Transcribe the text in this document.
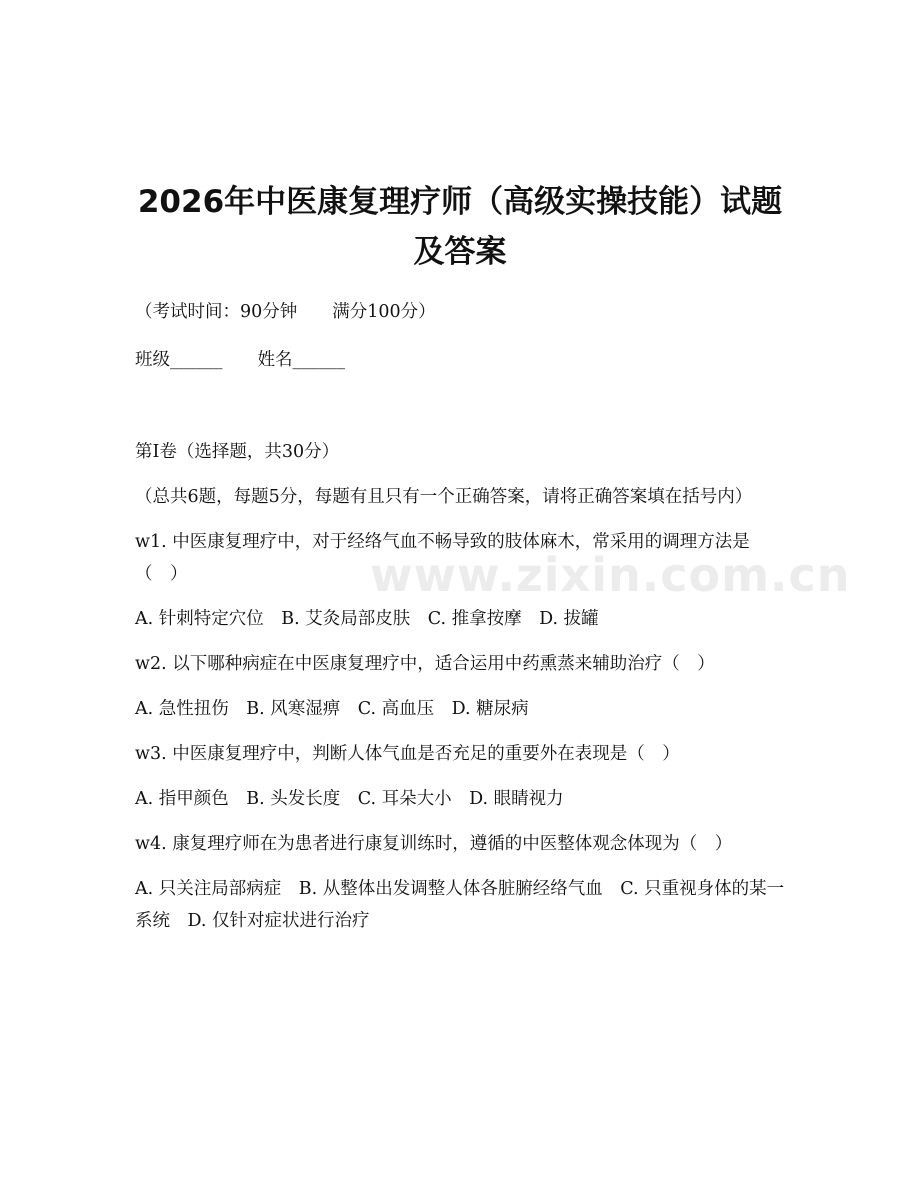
www.zixin.com.cn
2026年中医康复理疗师（高级实操技能）试题及答案

（考试时间：90分钟　　满分100分）

班级______　　姓名______

第I卷（选择题，共30分）

（总共6题，每题5分，每题有且只有一个正确答案，请将正确答案填在括号内）

w1. 中医康复理疗中，对于经络气血不畅导致的肢体麻木，常采用的调理方法是（　）

A. 针刺特定穴位　B. 艾灸局部皮肤　C. 推拿按摩　D. 拔罐

w2. 以下哪种病症在中医康复理疗中，适合运用中药熏蒸来辅助治疗（　）

A. 急性扭伤　B. 风寒湿痹　C. 高血压　D. 糖尿病

w3. 中医康复理疗中，判断人体气血是否充足的重要外在表现是（　）

A. 指甲颜色　B. 头发长度　C. 耳朵大小　D. 眼睛视力

w4. 康复理疗师在为患者进行康复训练时，遵循的中医整体观念体现为（　）

A. 只关注局部病症　B. 从整体出发调整人体各脏腑经络气血　C. 只重视身体的某一系统　D. 仅针对症状进行治疗
